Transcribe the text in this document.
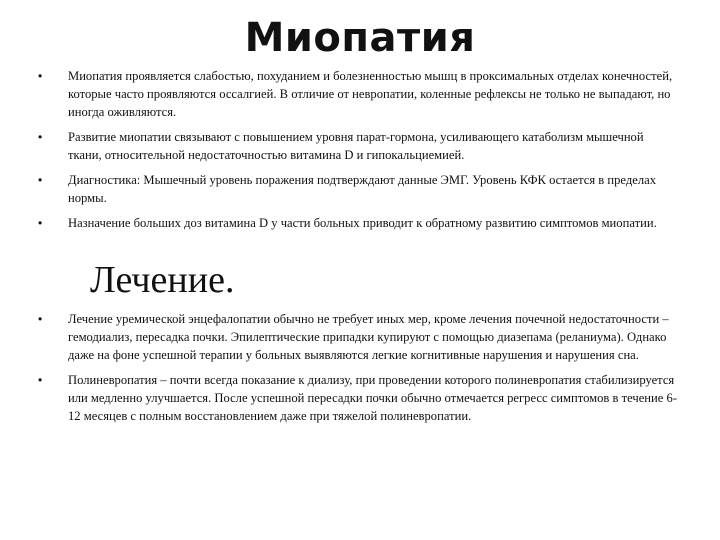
Миопатия
• Миопатия проявляется слабостью, похуданием и болезненностью мышц в проксимальных отделах конечностей, которые часто проявляются оссалгией. В отличие от невропатии, коленные рефлексы не только не выпадают, но иногда оживляются.
• Развитие миопатии связывают с повышением уровня парат-гормона, усиливающего катаболизм мышечной ткани, относительной недостаточностью витамина D и гипокальциемией.
• Диагностика: Мышечный уровень поражения подтверждают данные ЭМГ. Уровень КФК остается в пределах нормы.
• Назначение больших доз витамина D у части больных приводит к обратному развитию симптомов миопатии.
Лечение.
• Лечение уремической энцефалопатии обычно не требует иных мер, кроме лечения почечной недостаточности – гемодиализ, пересадка почки. Эпилептические припадки купируют с помощью диазепама (реланиума). Однако даже на фоне успешной терапии у больных выявляются легкие когнитивные нарушения и нарушения сна.
• Полиневропатия – почти всегда показание к диализу, при проведении которого полиневропатия стабилизируется или медленно улучшается. После успешной пересадки почки обычно отмечается регресс симптомов в течение 6-12 месяцев с полным восстановлением даже при тяжелой полиневропатии.
